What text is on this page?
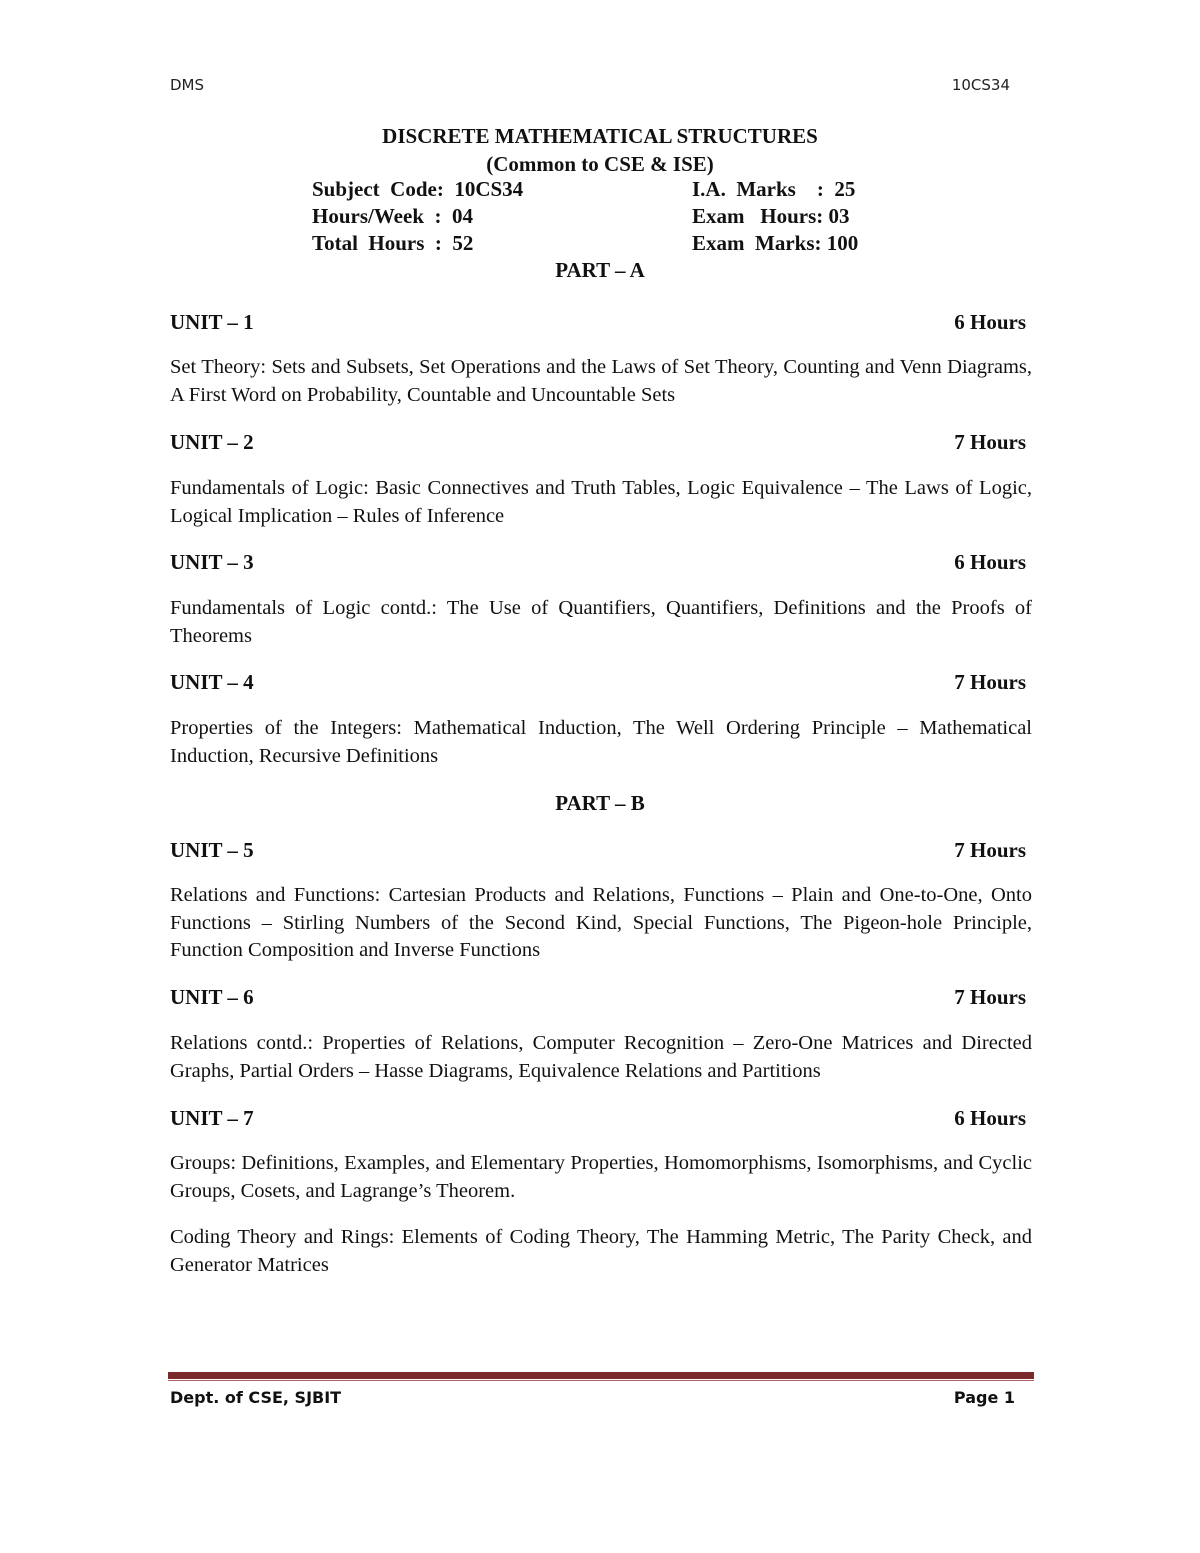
DMS	10CS34
DISCRETE MATHEMATICAL STRUCTURES
(Common to CSE & ISE)
Subject  Code:  10CS34	I.A.  Marks    :  25
Hours/Week  :  04	Exam   Hours: 03
Total  Hours  :  52	Exam  Marks: 100
PART – A
UNIT – 1	6 Hours
Set Theory: Sets and Subsets, Set Operations and the Laws of Set Theory, Counting and Venn Diagrams, A First Word on Probability, Countable and Uncountable Sets
UNIT – 2	7 Hours
Fundamentals of Logic: Basic Connectives and Truth Tables, Logic Equivalence – The Laws of Logic, Logical Implication – Rules of Inference
UNIT – 3	6 Hours
Fundamentals of Logic contd.: The Use of Quantifiers, Quantifiers, Definitions and the Proofs of Theorems
UNIT – 4	7 Hours
Properties of the Integers: Mathematical Induction, The Well Ordering Principle – Mathematical Induction, Recursive Definitions
PART – B
UNIT – 5	7 Hours
Relations and Functions: Cartesian Products and Relations, Functions – Plain and One-to-One, Onto Functions – Stirling Numbers of the Second Kind, Special Functions, The Pigeon-hole Principle, Function Composition and Inverse Functions
UNIT – 6	7 Hours
Relations contd.: Properties of Relations, Computer Recognition – Zero-One Matrices and Directed Graphs, Partial Orders – Hasse Diagrams, Equivalence Relations and Partitions
UNIT – 7	6 Hours
Groups: Definitions, Examples, and Elementary Properties, Homomorphisms, Isomorphisms, and Cyclic Groups, Cosets, and Lagrange’s Theorem.
Coding Theory and Rings: Elements of Coding Theory, The Hamming Metric, The Parity Check, and Generator Matrices
Dept. of CSE, SJBIT	Page 1
